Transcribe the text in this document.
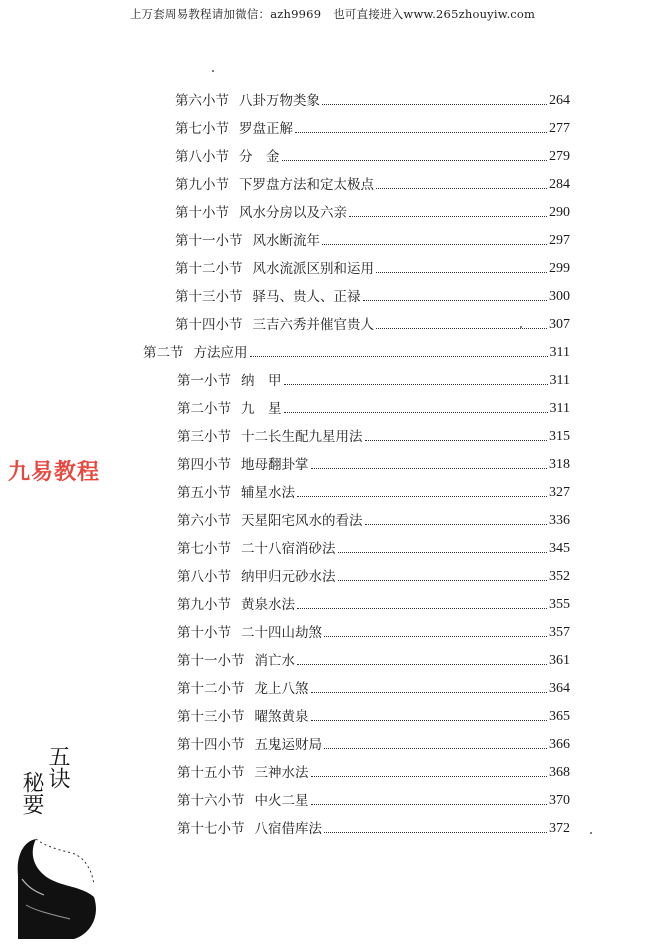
上万套周易教程请加微信：azh9969 也可直接进入www.265zhouyiw.com
第六小节 八卦万物类象	264
第七小节 罗盘正解	277
第八小节 分　金	279
第九小节 下罗盘方法和定太极点	284
第十小节 风水分房以及六亲	290
第十一小节 风水断流年	297
第十二小节 风水流派区别和运用	299
第十三小节 驿马、贵人、正禄	300
第十四小节 三吉六秀并催官贵人	307
第二节 方法应用	311
第一小节 纳　甲	311
第二小节 九　星	311
第三小节 十二长生配九星用法	315
第四小节 地母翻卦掌	318
第五小节 辅星水法	327
第六小节 天星阳宅风水的看法	336
第七小节 二十八宿消砂法	345
第八小节 纳甲归元砂水法	352
第九小节 黄泉水法	355
第十小节 二十四山劫煞	357
第十一小节 消亡水	361
第十二小节 龙上八煞	364
第十三小节 曜煞黄泉	365
第十四小节 五鬼运财局	366
第十五小节 三神水法	368
第十六小节 中火二星	370
第十七小节 八宿借库法	372
九易教程
五诀
秘要
